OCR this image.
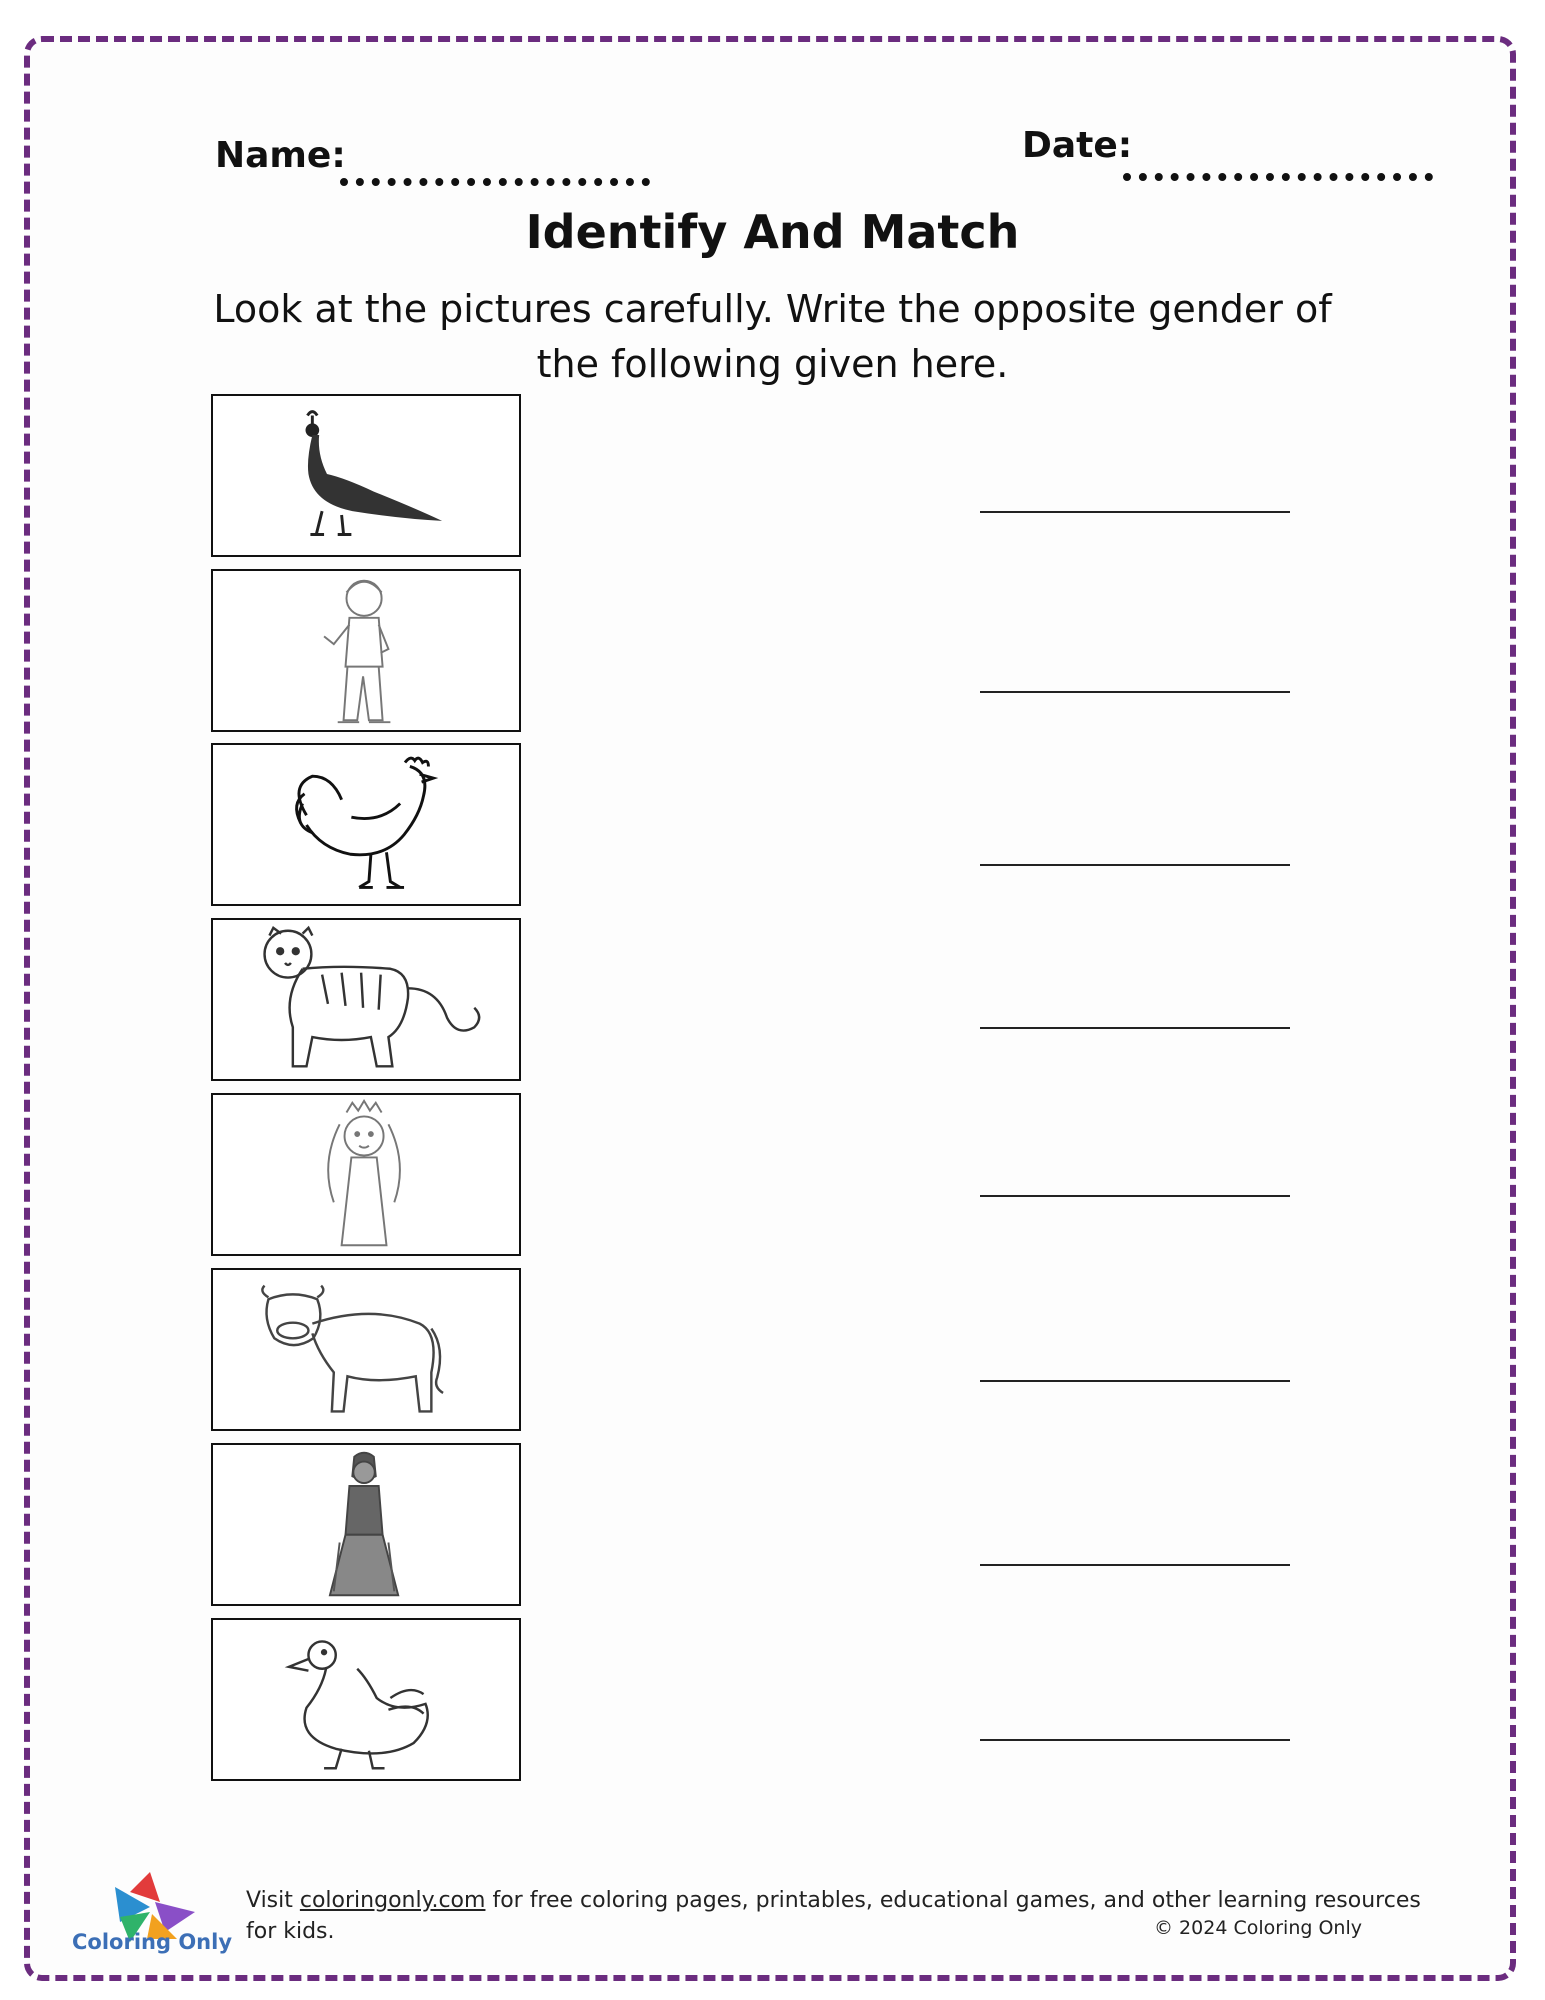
Name:	Date:
Identify And Match
Look at the pictures carefully. Write the opposite gender of the following given here.
Coloring Only
Visit coloringonly.com for free coloring pages, printables, educational games, and other learning resources for kids.	© 2024 Coloring Only
